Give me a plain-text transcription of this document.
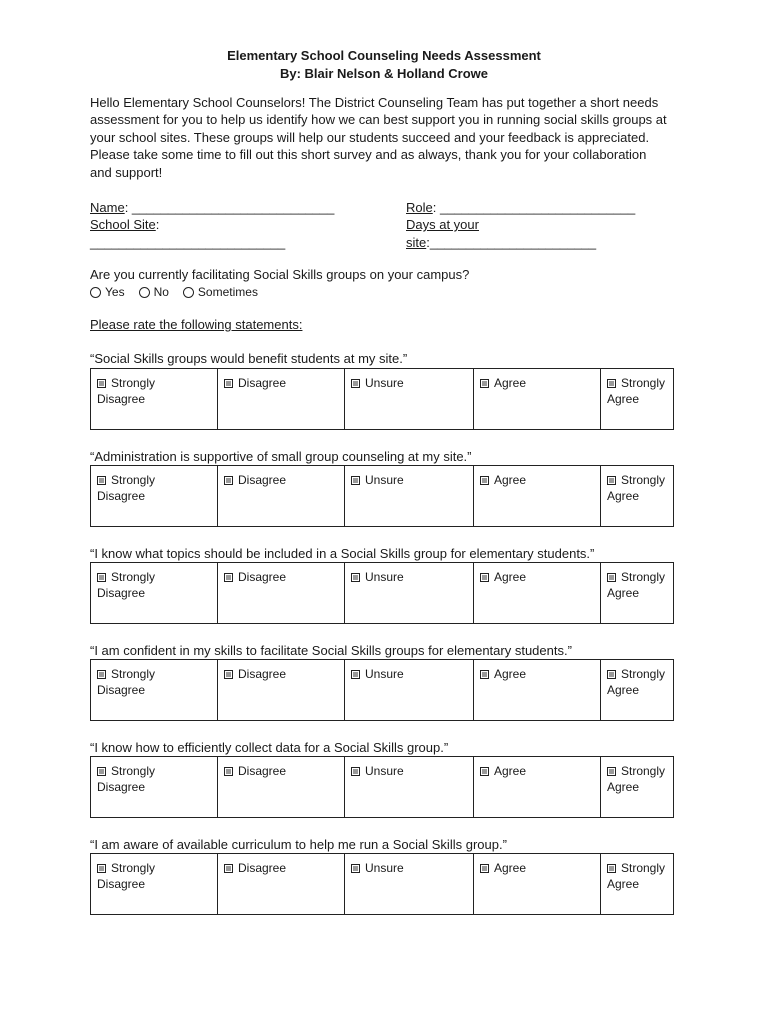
Elementary School Counseling Needs Assessment
By: Blair Nelson & Holland Crowe
Hello Elementary School Counselors! The District Counseling Team has put together a short needs assessment for you to help us identify how we can best support you in running social skills groups at your school sites. These groups will help our students succeed and your feedback is appreciated. Please take some time to fill out this short survey and as always, thank you for your collaboration and support!
Name: ____________________________	Role: ___________________________
School Site:
___________________________
Days at your
site:_______________________
Are you currently facilitating Social Skills groups on your campus?
Yes No Sometimes
Please rate the following statements:
“Social Skills groups would benefit students at my site.”
Strongly
Disagree	Disagree	Unsure	Agree	Strongly Agree
“Administration is supportive of small group counseling at my site.”
Strongly
Disagree	Disagree	Unsure	Agree	Strongly Agree
“I know what topics should be included in a Social Skills group for elementary students.”
Strongly
Disagree	Disagree	Unsure	Agree	Strongly Agree
“I am confident in my skills to facilitate Social Skills groups for elementary students.”
Strongly
Disagree	Disagree	Unsure	Agree	Strongly Agree
“I know how to efficiently collect data for a Social Skills group.”
Strongly
Disagree	Disagree	Unsure	Agree	Strongly Agree
“I am aware of available curriculum to help me run a Social Skills group.”
Strongly
Disagree	Disagree	Unsure	Agree	Strongly Agree
